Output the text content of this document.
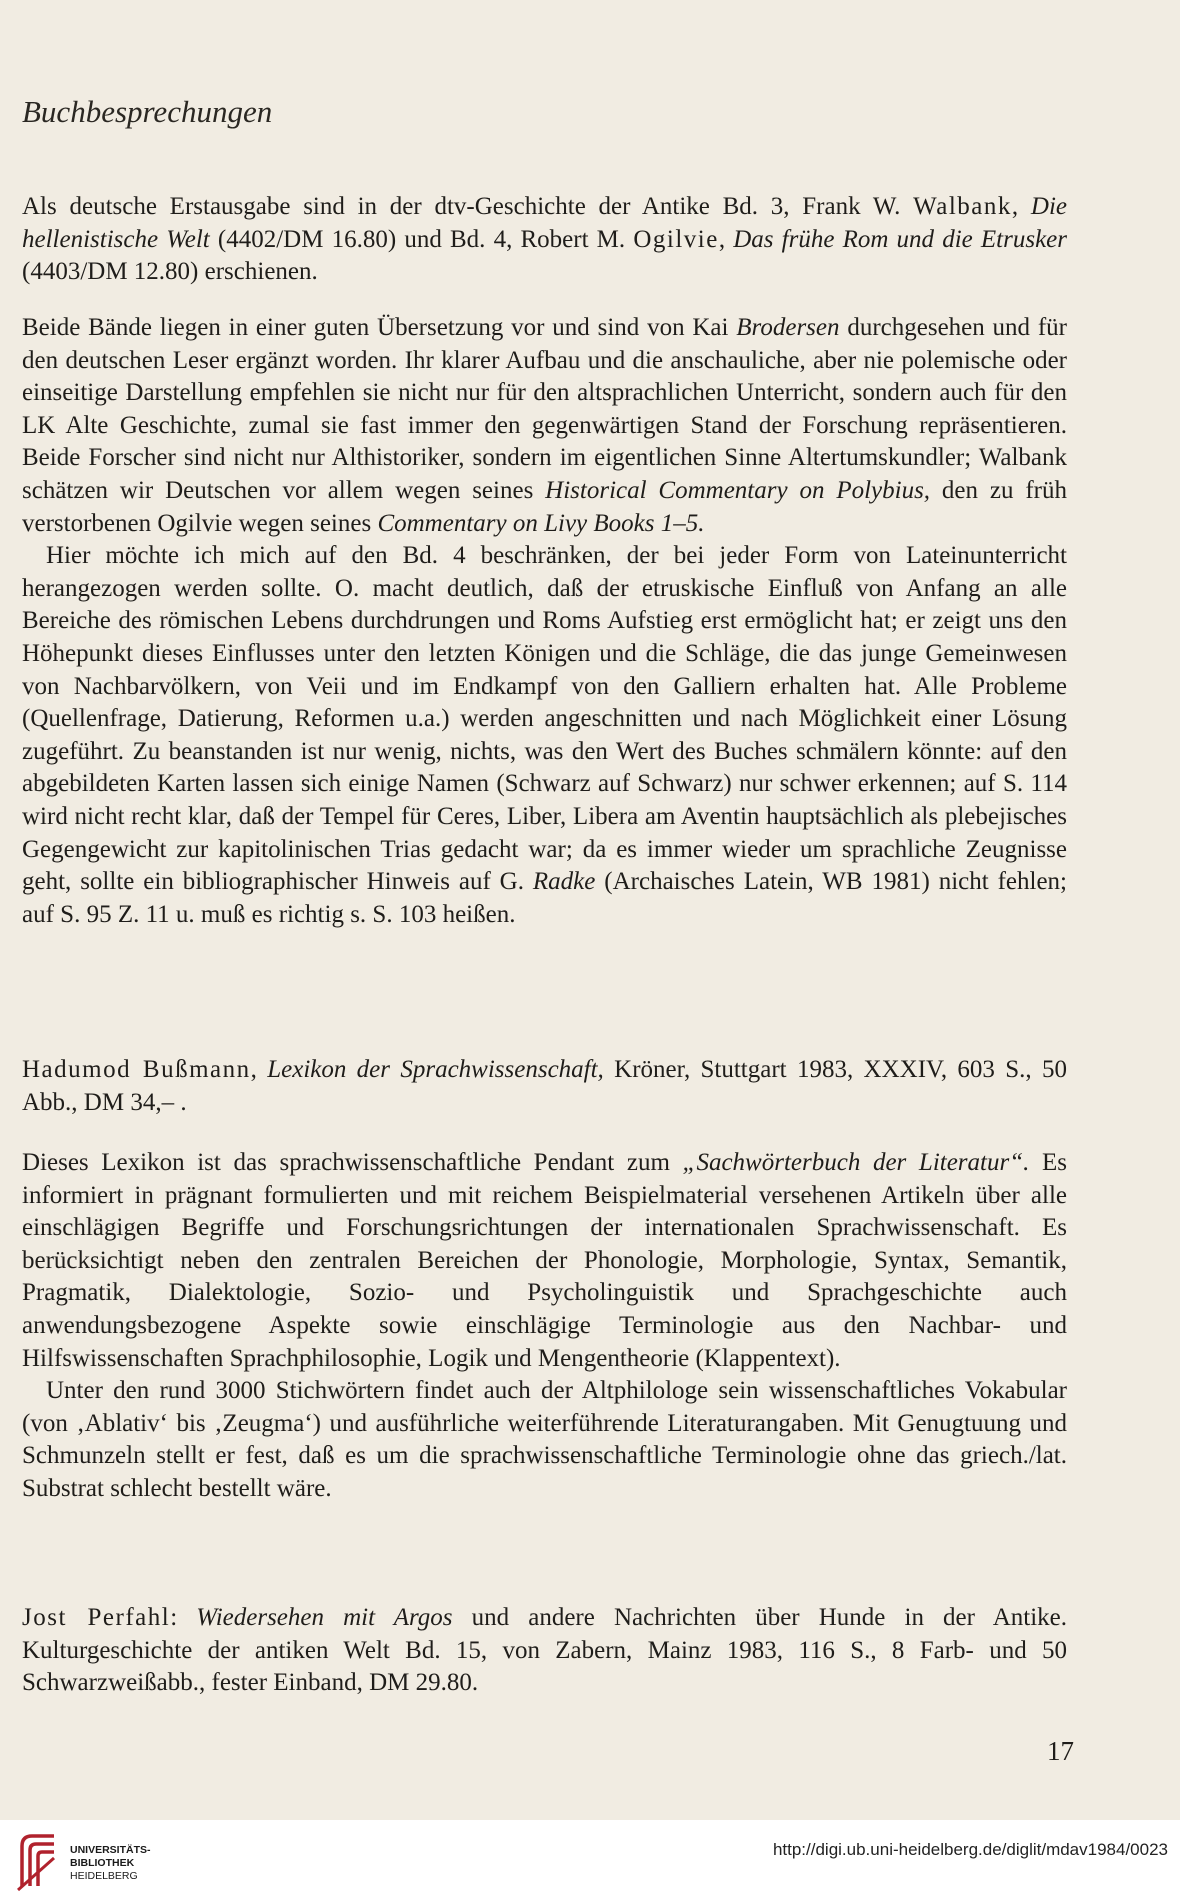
Buchbesprechungen

Als deutsche Erstausgabe sind in der dtv-Geschichte der Antike Bd. 3, Frank W. Walbank, Die hellenistische Welt (4402/DM 16.80) und Bd. 4, Robert M. Ogilvie, Das frühe Rom und die Etrusker (4403/DM 12.80) erschienen.

Beide Bände liegen in einer guten Übersetzung vor und sind von Kai Brodersen durchgesehen und für den deutschen Leser ergänzt worden. Ihr klarer Aufbau und die anschauliche, aber nie polemische oder einseitige Darstellung empfehlen sie nicht nur für den altsprachlichen Unterricht, sondern auch für den LK Alte Geschichte, zumal sie fast immer den gegenwärtigen Stand der Forschung repräsentieren. Beide Forscher sind nicht nur Althistoriker, sondern im eigentlichen Sinne Altertumskundler; Walbank schätzen wir Deutschen vor allem wegen seines Historical Commentary on Polybius, den zu früh verstorbenen Ogilvie wegen seines Commentary on Livy Books 1–5.

Hier möchte ich mich auf den Bd. 4 beschränken, der bei jeder Form von Lateinunterricht herangezogen werden sollte. O. macht deutlich, daß der etruskische Einfluß von Anfang an alle Bereiche des römischen Lebens durchdrungen und Roms Aufstieg erst ermöglicht hat; er zeigt uns den Höhepunkt dieses Einflusses unter den letzten Königen und die Schläge, die das junge Gemeinwesen von Nachbarvölkern, von Veii und im Endkampf von den Galliern erhalten hat. Alle Probleme (Quellenfrage, Datierung, Reformen u.a.) werden angeschnitten und nach Möglichkeit einer Lösung zugeführt. Zu beanstanden ist nur wenig, nichts, was den Wert des Buches schmälern könnte: auf den abgebildeten Karten lassen sich einige Namen (Schwarz auf Schwarz) nur schwer erkennen; auf S. 114 wird nicht recht klar, daß der Tempel für Ceres, Liber, Libera am Aventin hauptsächlich als plebejisches Gegengewicht zur kapitolinischen Trias gedacht war; da es immer wieder um sprachliche Zeugnisse geht, sollte ein bibliographischer Hinweis auf G. Radke (Archaisches Latein, WB 1981) nicht fehlen; auf S. 95 Z. 11 u. muß es richtig s. S. 103 heißen.

Hadumod Bußmann, Lexikon der Sprachwissenschaft, Kröner, Stuttgart 1983, XXXIV, 603 S., 50 Abb., DM 34,– .

Dieses Lexikon ist das sprachwissenschaftliche Pendant zum „Sachwörterbuch der Literatur“. Es informiert in prägnant formulierten und mit reichem Beispielmaterial versehenen Artikeln über alle einschlägigen Begriffe und Forschungsrichtungen der internationalen Sprachwissenschaft. Es berücksichtigt neben den zentralen Bereichen der Phonologie, Morphologie, Syntax, Semantik, Pragmatik, Dialektologie, Sozio- und Psycholinguistik und Sprachgeschichte auch anwendungsbezogene Aspekte sowie einschlägige Terminologie aus den Nachbar- und Hilfswissenschaften Sprachphilosophie, Logik und Mengentheorie (Klappentext).

Unter den rund 3000 Stichwörtern findet auch der Altphilologe sein wissenschaftliches Vokabular (von ‚Ablativ‘ bis ‚Zeugma‘) und ausführliche weiterführende Literaturangaben. Mit Genugtuung und Schmunzeln stellt er fest, daß es um die sprachwissenschaftliche Terminologie ohne das griech./lat. Substrat schlecht bestellt wäre.

Jost Perfahl: Wiedersehen mit Argos und andere Nachrichten über Hunde in der Antike. Kulturgeschichte der antiken Welt Bd. 15, von Zabern, Mainz 1983, 116 S., 8 Farb- und 50 Schwarzweißabb., fester Einband, DM 29.80.

17
UNIVERSITÄTS-
BIBLIOTHEK
HEIDELBERG
http://digi.ub.uni-heidelberg.de/diglit/mdav1984/0023
